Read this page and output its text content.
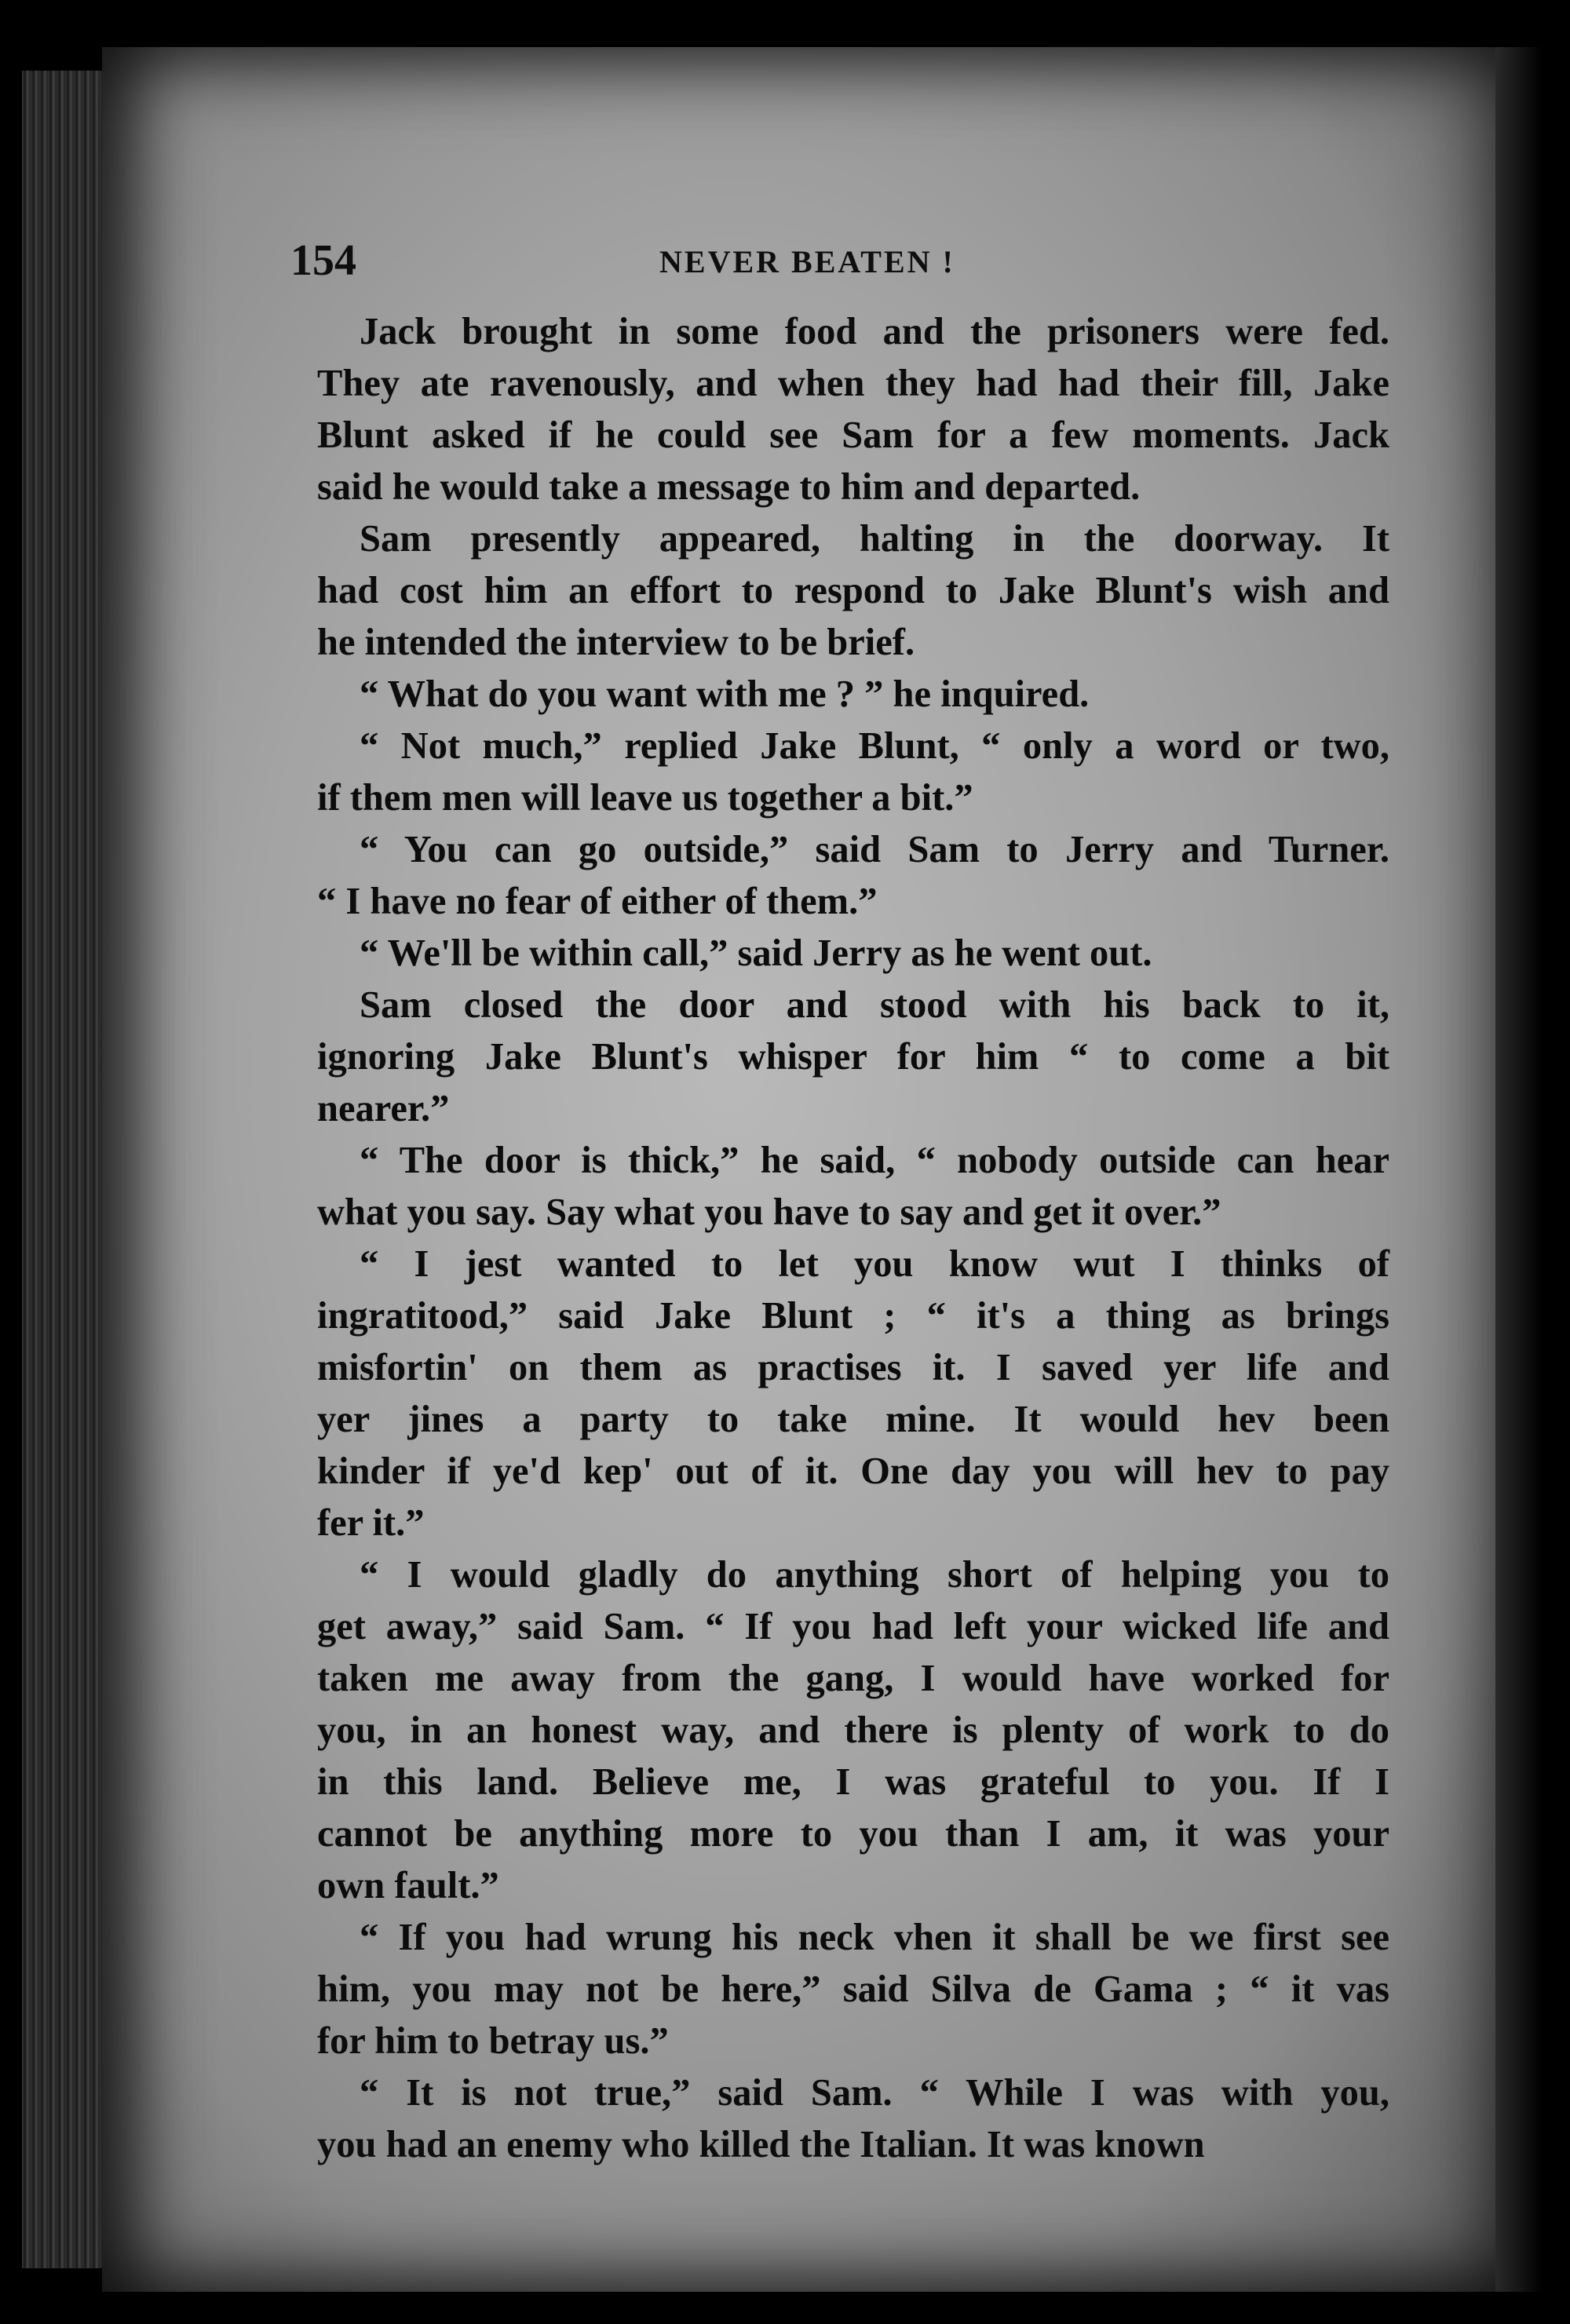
154	NEVER BEATEN !
Jack brought in some food and the prisoners were fed.
They ate ravenously, and when they had had their fill, Jake
Blunt asked if he could see Sam for a few moments. Jack
said he would take a message to him and departed.
Sam presently appeared, halting in the doorway. It
had cost him an effort to respond to Jake Blunt's wish and
he intended the interview to be brief.
“ What do you want with me ? ” he inquired.
“ Not much,” replied Jake Blunt, “ only a word or two,
if them men will leave us together a bit.”
“ You can go outside,” said Sam to Jerry and Turner.
“ I have no fear of either of them.”
“ We'll be within call,” said Jerry as he went out.
Sam closed the door and stood with his back to it,
ignoring Jake Blunt's whisper for him “ to come a bit
nearer.”
“ The door is thick,” he said, “ nobody outside can hear
what you say. Say what you have to say and get it over.”
“ I jest wanted to let you know wut I thinks of
ingratitood,” said Jake Blunt ; “ it's a thing as brings
misfortin' on them as practises it. I saved yer life and
yer jines a party to take mine. It would hev been
kinder if ye'd kep' out of it. One day you will hev to pay
fer it.”
“ I would gladly do anything short of helping you to
get away,” said Sam. “ If you had left your wicked life and
taken me away from the gang, I would have worked for
you, in an honest way, and there is plenty of work to do
in this land. Believe me, I was grateful to you. If I
cannot be anything more to you than I am, it was your
own fault.”
“ If you had wrung his neck vhen it shall be we first see
him, you may not be here,” said Silva de Gama ; “ it vas
for him to betray us.”
“ It is not true,” said Sam. “ While I was with you,
you had an enemy who killed the Italian. It was known
